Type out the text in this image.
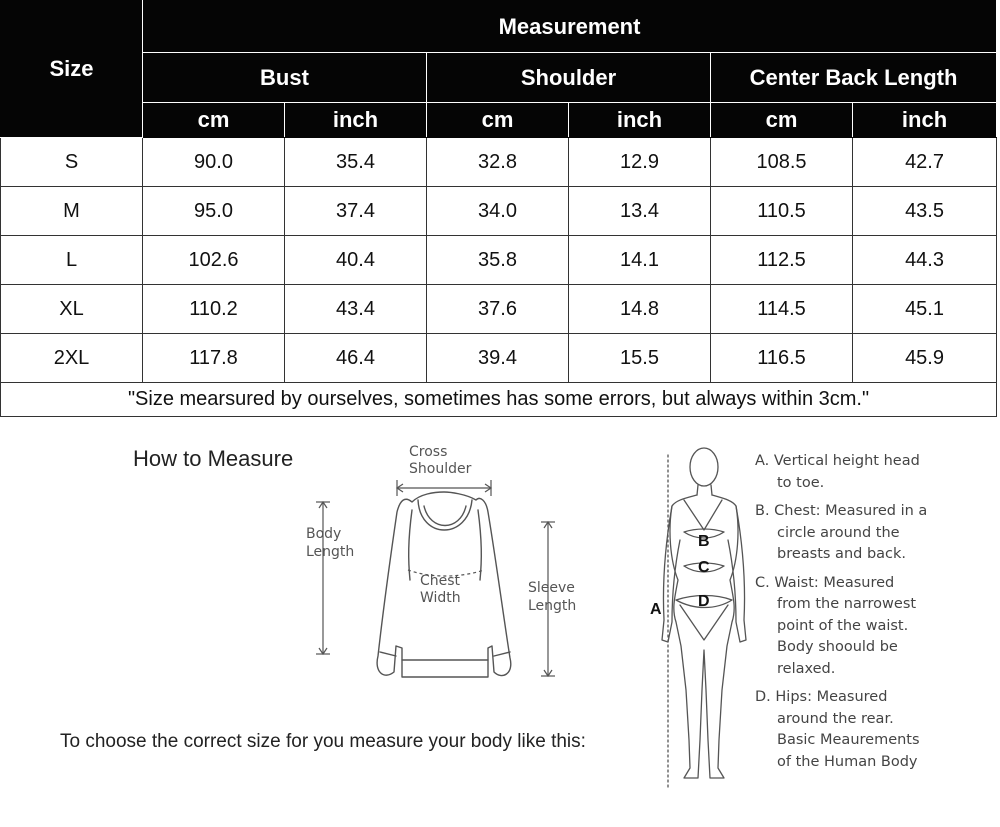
Size	Measurement					
	Bust		Shoulder		Center Back Length	
	cm	inch	cm	inch	cm	inch
S	90.0	35.4	32.8	12.9	108.5	42.7
M	95.0	37.4	34.0	13.4	110.5	43.5
L	102.6	40.4	35.8	14.1	112.5	44.3
XL	110.2	43.4	37.6	14.8	114.5	45.1
2XL	117.8	46.4	39.4	15.5	116.5	45.9
"Size mearsured by ourselves, sometimes has some errors, but always within 3cm."						
How to Measure
To choose the correct size for you measure your body like this:
Cross
Shoulder
Body
Length
Chest
Width
Sleeve
Length
B
C
D
A

A. Vertical height head

to toe.

B. Chest: Measured in a

circle around the
breasts and back.

C. Waist: Measured

from the narrowest
point of the waist.
Body shoould be
relaxed.

D. Hips: Measured

around the rear.
Basic Meaurements
of the Human Body
